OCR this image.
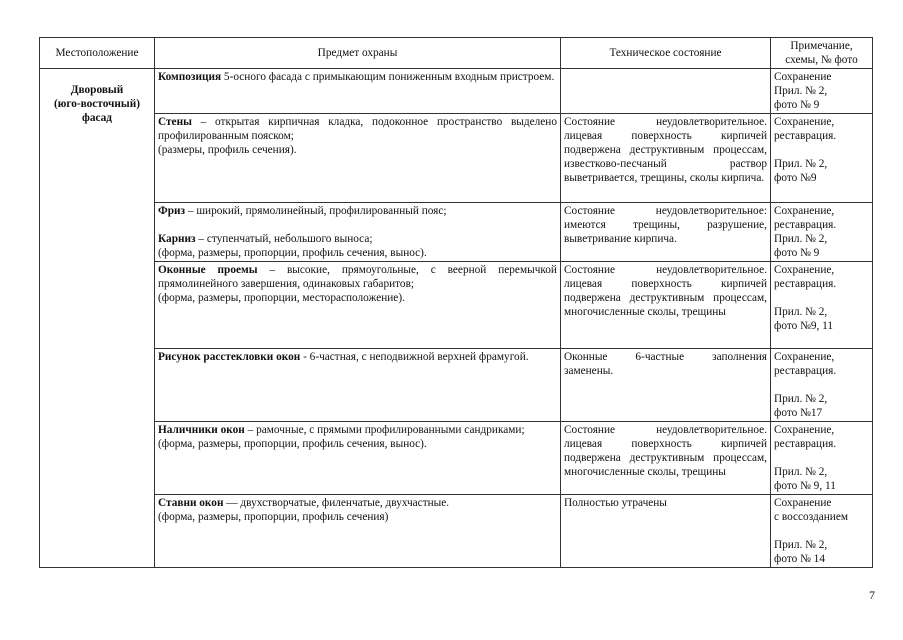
Местоположение	Предмет охраны	Техническое состояние	Примечание,
схемы, № фото
Дворовый
(юго-восточный)
фасад	Композиция 5-осного фасада с примыкающим пониженным входным пристроем.		Сохранение
Прил. № 2,
фото № 9
	Стены – открытая кирпичная кладка, подоконное пространство выделено профилированным пояском;
(размеры, профиль сечения).	Состояние неудовлетворительное. лицевая поверхность кирпичей подвержена деструктивным процессам, известково-песчаный раствор выветривается, трещины, сколы кирпича.	Сохранение,
реставрация.

Прил. № 2,
фото №9
	Фриз – широкий, прямолинейный, профилированный пояс;
Карниз – ступенчатый, небольшого выноса;
(форма, размеры, пропорции, профиль сечения, вынос).	Состояние неудовлетворительное: имеются трещины, разрушение, выветривание кирпича.	Сохранение,
реставрация.
Прил. № 2,
фото № 9
	Оконные проемы – высокие, прямоугольные, с веерной перемычкой прямолинейного завершения, одинаковых габаритов;
(форма, размеры, пропорции, месторасположение).	Состояние неудовлетворительное. лицевая поверхность кирпичей подвержена деструктивным процессам, многочисленные сколы, трещины	Сохранение,
реставрация.

Прил. № 2,
фото №9, 11
	Рисунок расстекловки окон - 6-частная, с неподвижной верхней фрамугой.	Оконные 6-частные заполнения заменены.	Сохранение,
реставрация.

Прил. № 2,
фото №17
	Наличники окон – рамочные, с прямыми профилированными сандриками;
(форма, размеры, пропорции, профиль сечения, вынос).	Состояние неудовлетворительное. лицевая поверхность кирпичей подвержена деструктивным процессам, многочисленные сколы, трещины	Сохранение,
реставрация.

Прил. № 2,
фото № 9, 11
	Ставни окон — двухстворчатые, филенчатые, двухчастные.
(форма, размеры, пропорции, профиль сечения)	Полностью утрачены	Сохранение
с воссозданием

Прил. № 2,
фото № 14
7
